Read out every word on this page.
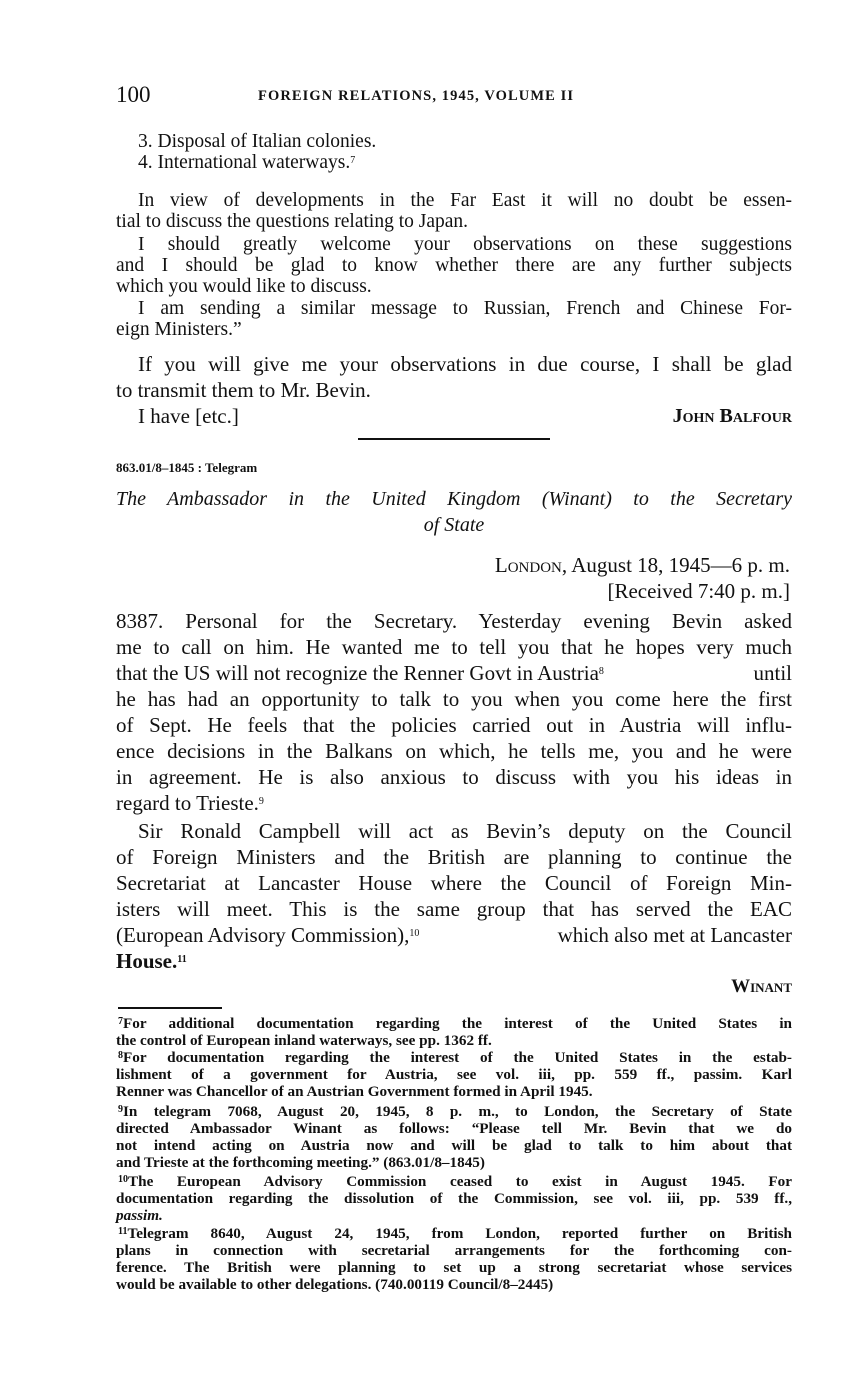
100	FOREIGN RELATIONS, 1945, VOLUME II
3. Disposal of Italian colonies.
4. International waterways.$^7$
In view of developments in the Far East it will no doubt be essen-
tial to discuss the questions relating to Japan.
I should greatly welcome your observations on these suggestions
and I should be glad to know whether there are any further subjects
which you would like to discuss.
I am sending a similar message to Russian, French and Chinese For-
eign Ministers.”
If you will give me your observations in due course, I shall be glad
to transmit them to Mr. Bevin.
I have [etc.]	John Balfour
863.01/8–1845 : Telegram
The Ambassador in the United Kingdom (Winant) to the Secretary
of State
London, August 18, 1945—6 p. m.
[Received 7:40 p. m.]
8387. Personal for the Secretary. Yesterday evening Bevin asked
me to call on him. He wanted me to tell you that he hopes very much
that the US will not recognize the Renner Govt in Austria$^8$	until
he has had an opportunity to talk to you when you come here the first
of Sept. He feels that the policies carried out in Austria will influ-
ence decisions in the Balkans on which, he tells me, you and he were
in agreement. He is also anxious to discuss with you his ideas in
regard to Trieste.$^9$
Sir Ronald Campbell will act as Bevin’s deputy on the Council
of Foreign Ministers and the British are planning to continue the
Secretariat at Lancaster House where the Council of Foreign Min-
isters will meet. This is the same group that has served the EAC
(European Advisory Commission),$^{10}$	which also met at Lancaster
House.$^{11}$
Winant
$^7$For additional documentation regarding the interest of the United States in
the control of European inland waterways, see pp. 1362 ff.
$^8$For documentation regarding the interest of the United States in the estab-
lishment of a government for Austria, see vol. iii, pp. 559 ff., passim. Karl
Renner was Chancellor of an Austrian Government formed in April 1945.
$^9$In telegram 7068, August 20, 1945, 8 p. m., to London, the Secretary of State
directed Ambassador Winant as follows: “Please tell Mr. Bevin that we do
not intend acting on Austria now and will be glad to talk to him about that
and Trieste at the forthcoming meeting.” (863.01/8–1845)
$^{10}$The European Advisory Commission ceased to exist in August 1945. For
documentation regarding the dissolution of the Commission, see vol. iii, pp. 539 ff.,
passim.
$^{11}$Telegram 8640, August 24, 1945, from London, reported further on British
plans in connection with secretarial arrangements for the forthcoming con-
ference. The British were planning to set up a strong secretariat whose services
would be available to other delegations. (740.00119 Council/8–2445)
